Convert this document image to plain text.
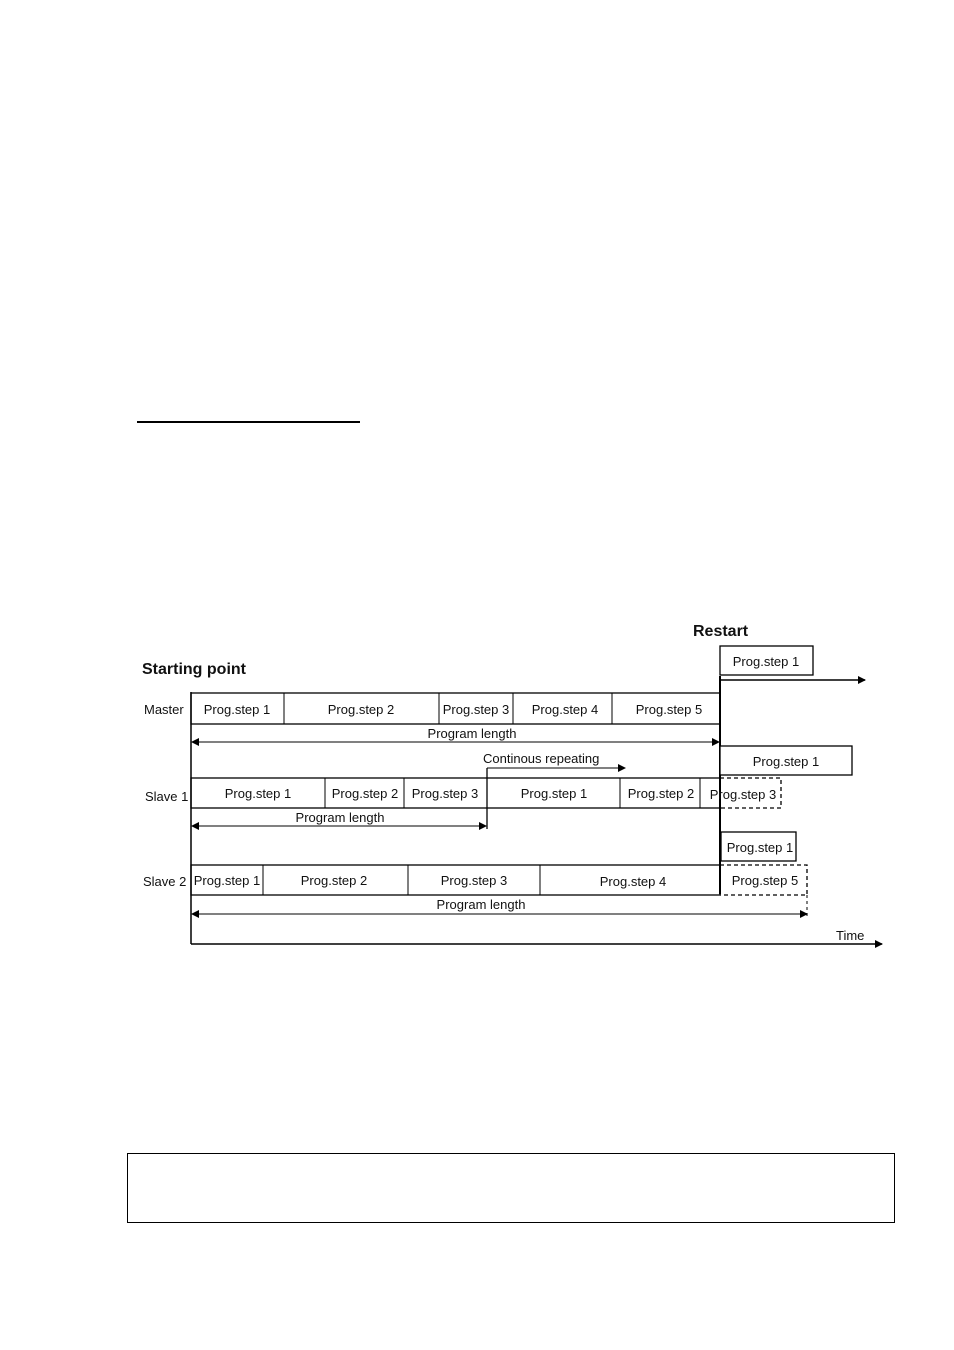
Starting point
Restart
Time
Master Prog.step 1	Prog.step 2	Prog.step 3 Prog.step 4	Prog.step 5
Prog.step 1
Program length
Continous repeating	Prog.step 1
Slave 1	Prog.step 1	Prog.step 2 Prog.step 3	Prog.step 1	Prog.step 2 Prog.step 3
Program length
Prog.step 1
Slave 2 Prog.step 1	Prog.step 2	Prog.step 3	Prog.step 4	Prog.step 5
Program length
